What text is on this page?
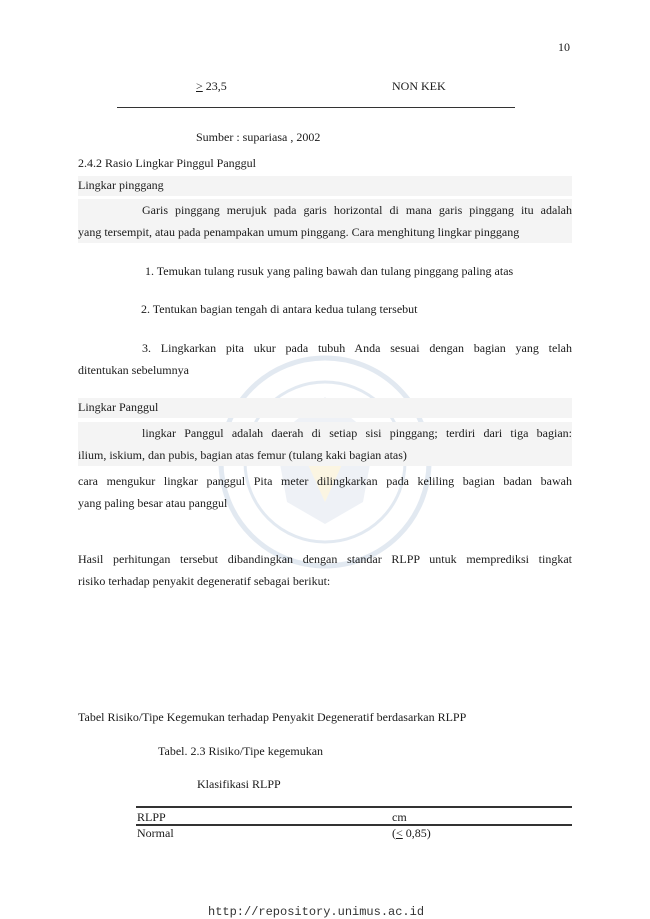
10
> 23,5	NON KEK
Sumber : supariasa , 2002
2.4.2 Rasio Lingkar Pinggul Panggul
Lingkar pinggang
Garis pinggang merujuk pada garis horizontal di mana garis pinggang itu adalah
yang tersempit, atau pada penampakan umum pinggang. Cara menghitung lingkar pinggang
1. Temukan tulang rusuk yang paling bawah dan tulang pinggang paling atas
2. Tentukan bagian tengah di antara kedua tulang tersebut
3. Lingkarkan pita ukur pada tubuh Anda sesuai dengan bagian yang telah
ditentukan sebelumnya
Lingkar Panggul
lingkar Panggul adalah daerah di setiap sisi pinggang; terdiri dari tiga bagian:
ilium, iskium, dan pubis, bagian atas femur (tulang kaki bagian atas)
cara mengukur lingkar panggul Pita meter dilingkarkan pada keliling bagian badan bawah
yang paling besar atau panggul
Hasil perhitungan tersebut dibandingkan dengan standar RLPP untuk memprediksi tingkat
risiko terhadap penyakit degeneratif sebagai berikut:
Tabel Risiko/Tipe Kegemukan terhadap Penyakit Degeneratif berdasarkan RLPP
Tabel. 2.3 Risiko/Tipe kegemukan
Klasifikasi RLPP
RLPP	cm
Normal	(< 0,85)
http://repository.unimus.ac.id
